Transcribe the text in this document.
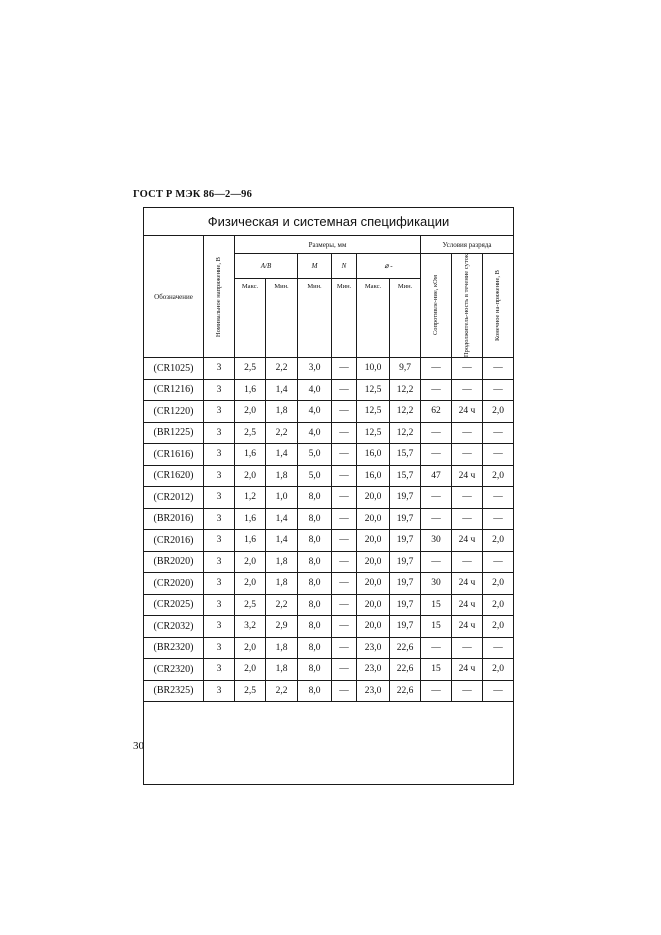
ГОСТ Р МЭК 86—2—96
Физическая и системная спецификации										
Обозначение	Номинальное напряжение, В	Размеры, мм						Условия разряда		
		A/B		M	N	⌀ -		Сопротивле-ние, кОм	Продолжитель-ность в течение суток	Конечное на-пряжение, В

		Макс.	Мин.	Мин.	Мин.	Макс.	Мин.			
(CR1025)	3	2,5	2,2	3,0	—	10,0	9,7	—	—	—
(CR1216)	3	1,6	1,4	4,0	—	12,5	12,2	—	—	—
(CR1220)	3	2,0	1,8	4,0	—	12,5	12,2	62	24 ч	2,0
(BR1225)	3	2,5	2,2	4,0	—	12,5	12,2	—	—	—
(CR1616)	3	1,6	1,4	5,0	—	16,0	15,7	—	—	—
(CR1620)	3	2,0	1,8	5,0	—	16,0	15,7	47	24 ч	2,0
(CR2012)	3	1,2	1,0	8,0	—	20,0	19,7	—	—	—
(BR2016)	3	1,6	1,4	8,0	—	20,0	19,7	—	—	—
(CR2016)	3	1,6	1,4	8,0	—	20,0	19,7	30	24 ч	2,0
(BR2020)	3	2,0	1,8	8,0	—	20,0	19,7	—	—	—
(CR2020)	3	2,0	1,8	8,0	—	20,0	19,7	30	24 ч	2,0
(CR2025)	3	2,5	2,2	8,0	—	20,0	19,7	15	24 ч	2,0
(CR2032)	3	3,2	2,9	8,0	—	20,0	19,7	15	24 ч	2,0
(BR2320)	3	2,0	1,8	8,0	—	23,0	22,6	—	—	—
(CR2320)	3	2,0	1,8	8,0	—	23,0	22,6	15	24 ч	2,0
(BR2325)	3	2,5	2,2	8,0	—	23,0	22,6	—	—	—

30
